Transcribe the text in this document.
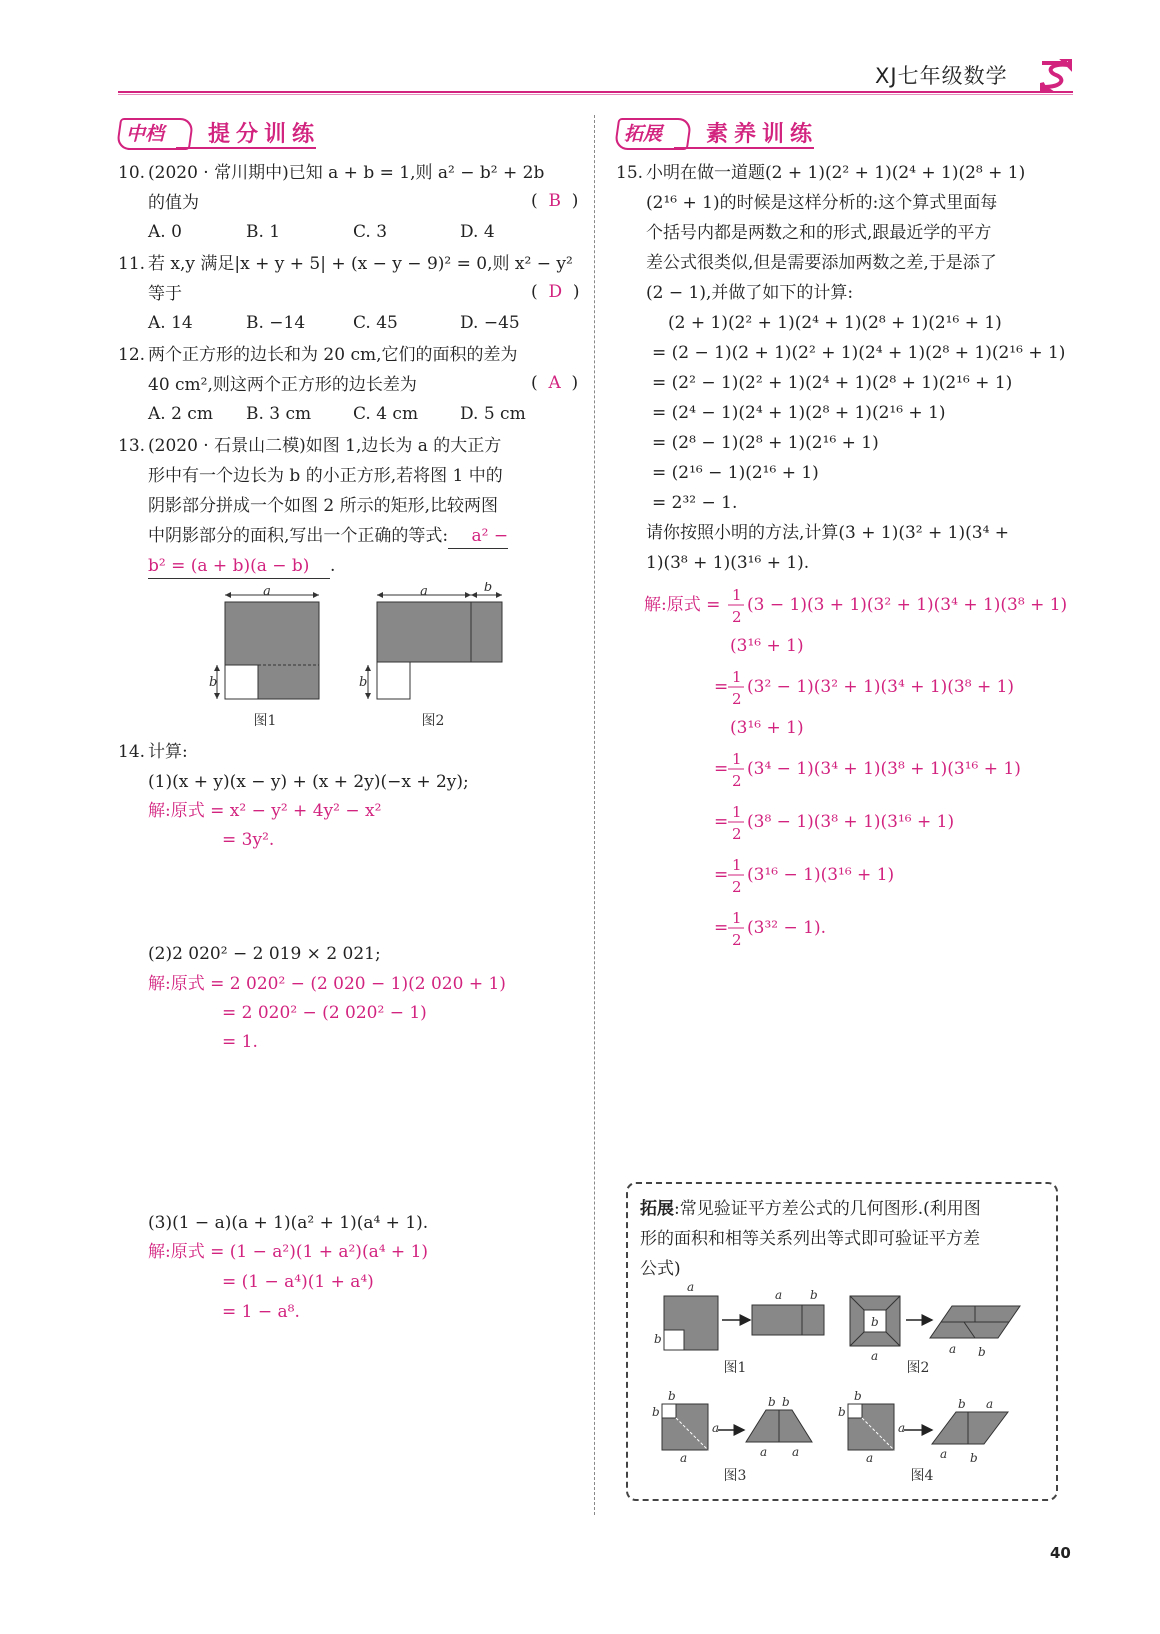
XJ七年级数学
中档 提分训练
10. (2020 · 常川期中)已知 a + b = 1,则 a² − b² + 2b
的值为	(  B  )
A. 0	B. 1	C. 3	D. 4
11. 若 x,y 满足|x + y + 5| + (x − y − 9)² = 0,则 x² − y²
等于	(  D  )
A. 14	B. −14	C. 45	D. −45
12. 两个正方形的边长和为 20 cm,它们的面积的差为
40 cm²,则这两个正方形的边长差为	(  A  )
A. 2 cm B. 3 cm C. 4 cm D. 5 cm
13. (2020 · 石景山二模)如图 1,边长为 a 的大正方
形中有一个边长为 b 的小正方形,若将图 1 中的
阴影部分拼成一个如图 2 所示的矩形,比较两图
中阴影部分的面积,写出一个正确的等式: a² −
b² = (a + b)(a − b) .
a
b
图1
a	b
b
图2
14. 计算:
(1)(x + y)(x − y) + (x + 2y)(−x + 2y);
解:原式 = x² − y² + 4y² − x²
= 3y².
(2)2 020² − 2 019 × 2 021;
解:原式 = 2 020² − (2 020 − 1)(2 020 + 1)
= 2 020² − (2 020² − 1)
= 1.
(3)(1 − a)(a + 1)(a² + 1)(a⁴ + 1).
解:原式 = (1 − a²)(1 + a²)(a⁴ + 1)
= (1 − a⁴)(1 + a⁴)
= 1 − a⁸.
拓展 素养训练
15. 小明在做一道题(2 + 1)(2² + 1)(2⁴ + 1)(2⁸ + 1)
(2¹⁶ + 1)的时候是这样分析的:这个算式里面每
个括号内都是两数之和的形式,跟最近学的平方
差公式很类似,但是需要添加两数之差,于是添了
(2 − 1),并做了如下的计算:
(2 + 1)(2² + 1)(2⁴ + 1)(2⁸ + 1)(2¹⁶ + 1)
= (2 − 1)(2 + 1)(2² + 1)(2⁴ + 1)(2⁸ + 1)(2¹⁶ + 1)
= (2² − 1)(2² + 1)(2⁴ + 1)(2⁸ + 1)(2¹⁶ + 1)
= (2⁴ − 1)(2⁴ + 1)(2⁸ + 1)(2¹⁶ + 1)
= (2⁸ − 1)(2⁸ + 1)(2¹⁶ + 1)
= (2¹⁶ − 1)(2¹⁶ + 1)
= 2³² − 1.
请你按照小明的方法,计算(3 + 1)(3² + 1)(3⁴ +
1)(3⁸ + 1)(3¹⁶ + 1).
解:原式 = 1
2
(3 − 1)(3 + 1)(3² + 1)(3⁴ + 1)(3⁸ + 1)
(3¹⁶ + 1)
= 1
2
(3² − 1)(3² + 1)(3⁴ + 1)(3⁸ + 1)
(3¹⁶ + 1)
= 1
2
(3⁴ − 1)(3⁴ + 1)(3⁸ + 1)(3¹⁶ + 1)
= 1
2
(3⁸ − 1)(3⁸ + 1)(3¹⁶ + 1)
= 1
2
(3¹⁶ − 1)(3¹⁶ + 1)
= 1
2
(3³² − 1).
拓展:常见验证平方差公式的几何图形.(利用图
形的面积和相等关系列出等式即可验证平方差
公式)
a
b
a b
图1
b
a	a b
图2
b
b
a
a
b b
a a
图3
b
b
a
a
b a
a b
图4
40
